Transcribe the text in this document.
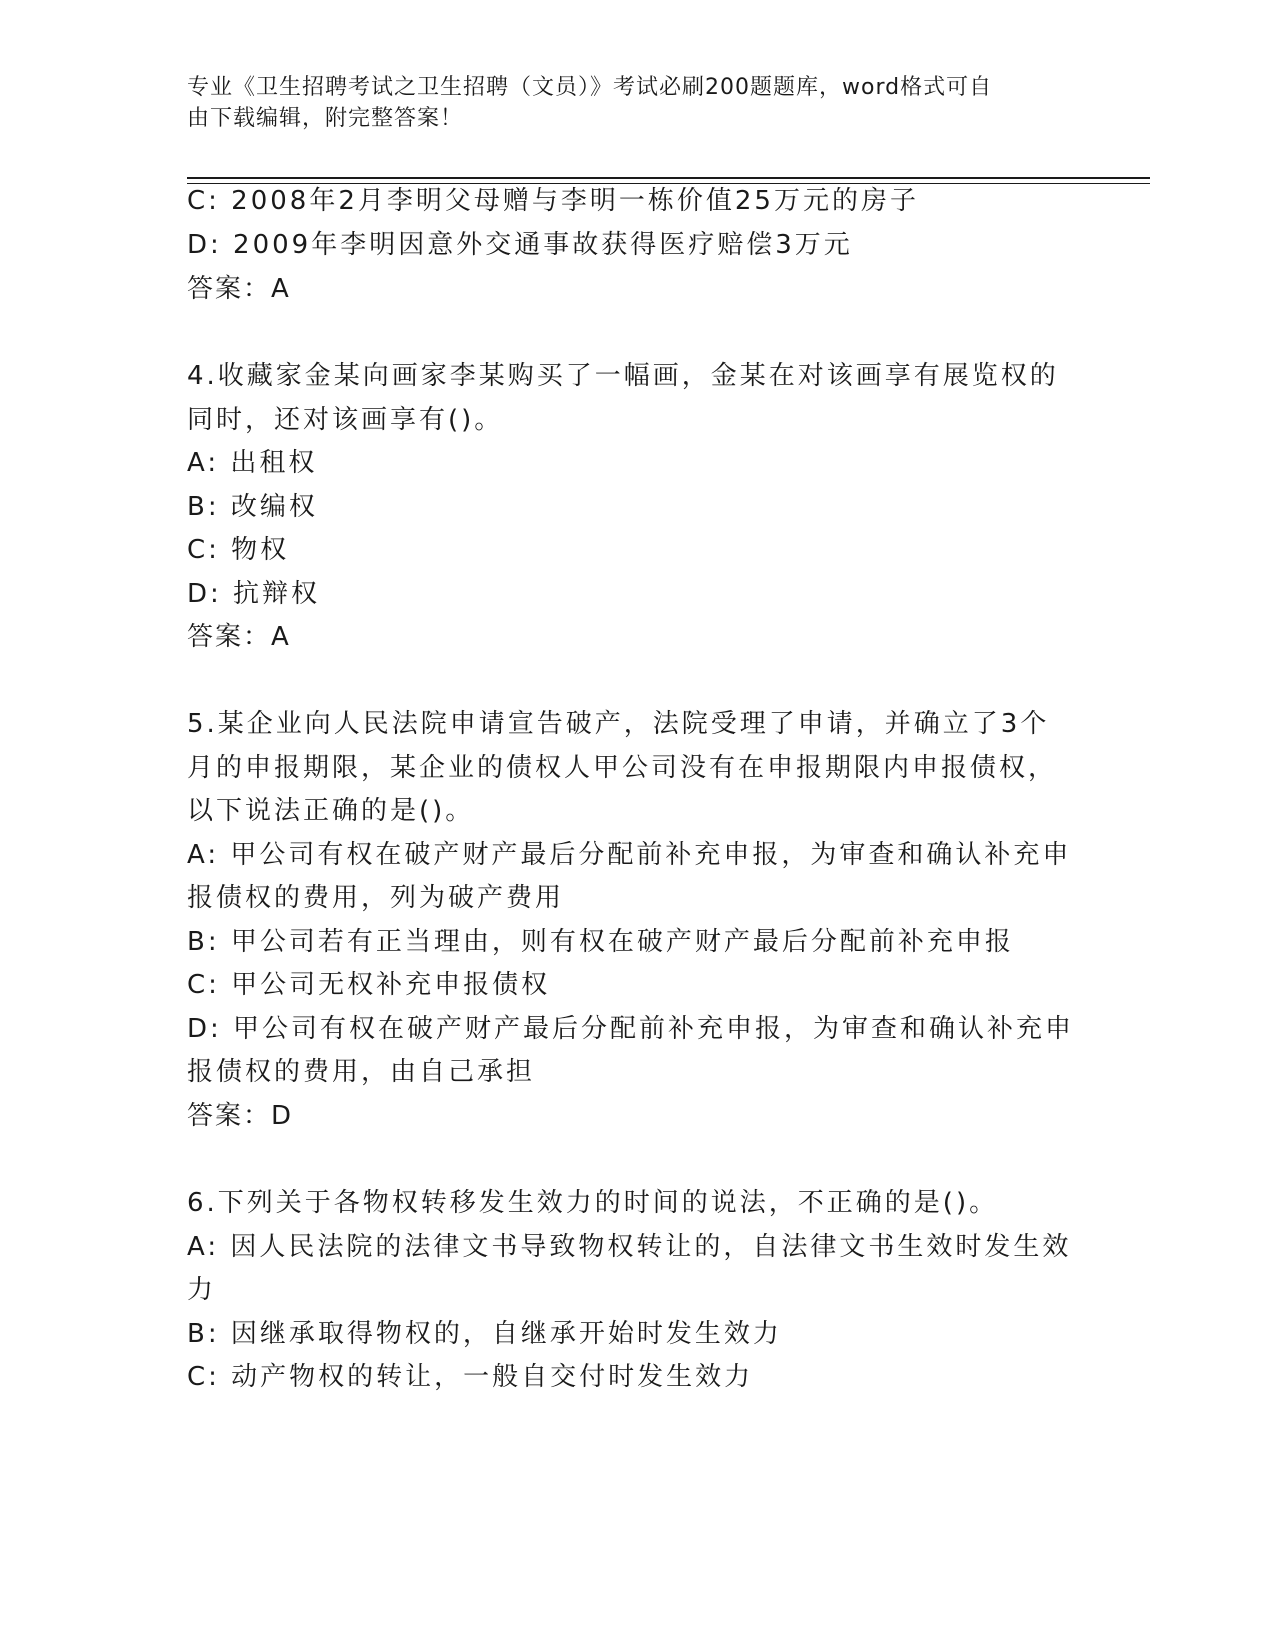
专业《卫生招聘考试之卫生招聘（文员）》考试必刷200题题库，word格式可自
由下载编辑，附完整答案！
C: 2008年2月李明父母赠与李明一栋价值25万元的房子
D: 2009年李明因意外交通事故获得医疗赔偿3万元
答案：A
4.收藏家金某向画家李某购买了一幅画，金某在对该画享有展览权的
同时，还对该画享有()。
A: 出租权
B: 改编权
C: 物权
D: 抗辩权
答案：A
5.某企业向人民法院申请宣告破产，法院受理了申请，并确立了3个
月的申报期限，某企业的债权人甲公司没有在申报期限内申报债权，
以下说法正确的是()。
A: 甲公司有权在破产财产最后分配前补充申报，为审查和确认补充申
报债权的费用，列为破产费用
B: 甲公司若有正当理由，则有权在破产财产最后分配前补充申报
C: 甲公司无权补充申报债权
D: 甲公司有权在破产财产最后分配前补充申报，为审查和确认补充申
报债权的费用，由自己承担
答案：D
6.下列关于各物权转移发生效力的时间的说法，不正确的是()。
A: 因人民法院的法律文书导致物权转让的，自法律文书生效时发生效
力
B: 因继承取得物权的，自继承开始时发生效力
C: 动产物权的转让，一般自交付时发生效力
